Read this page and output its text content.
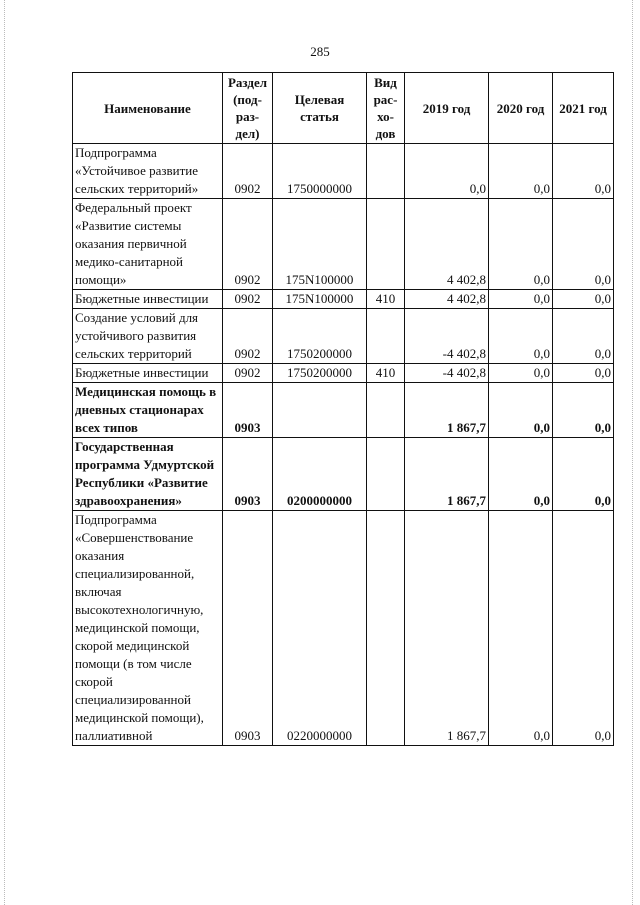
285
Наименование	Раздел (под-раз-дел)	Целевая статья	Вид рас-хо-дов	2019 год	2020 год	2021 год
Подпрограмма «Устойчивое развитие сельских территорий»	0902	1750000000		0,0	0,0	0,0
Федеральный проект «Развитие системы оказания первичной медико-санитарной помощи»	0902	175N100000		4 402,8	0,0	0,0
Бюджетные инвестиции	0902	175N100000	410	4 402,8	0,0	0,0
Создание условий для устойчивого развития сельских территорий	0902	1750200000		-4 402,8	0,0	0,0
Бюджетные инвестиции	0902	1750200000	410	-4 402,8	0,0	0,0
Медицинская помощь в дневных стационарах всех типов	0903			1 867,7	0,0	0,0
Государственная программа Удмуртской Республики «Развитие здравоохранения»	0903	0200000000		1 867,7	0,0	0,0
Подпрограмма «Совершенствование оказания специализированной, включая высокотехнологичную, медицинской помощи, скорой медицинской помощи (в том числе скорой специализированной медицинской помощи), паллиативной	0903	0220000000		1 867,7	0,0	0,0
